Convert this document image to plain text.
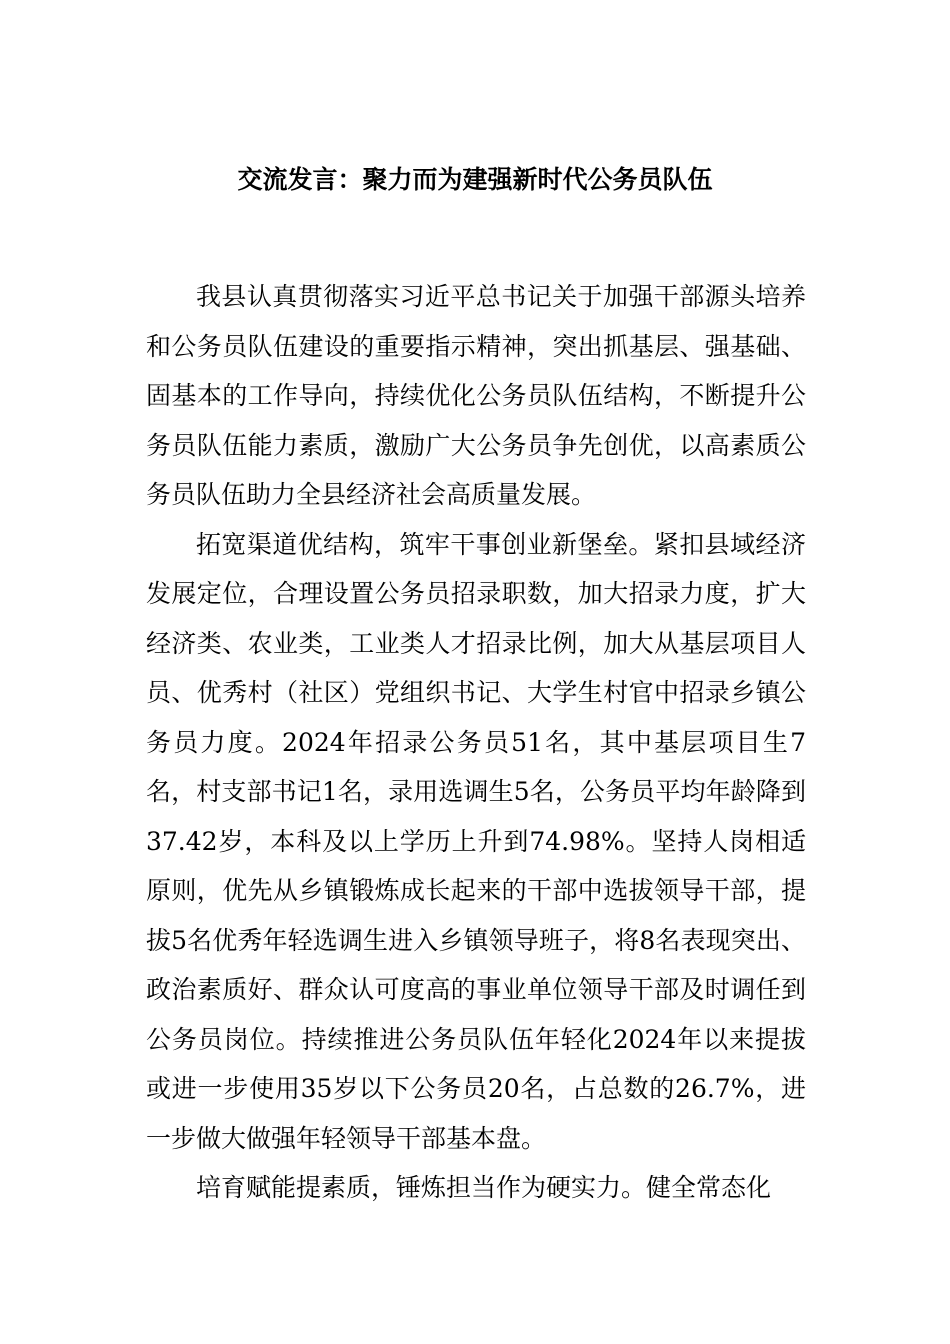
交流发言：聚力而为建强新时代公务员队伍

我县认真贯彻落实习近平总书记关于加强干部源头培养和公务员队伍建设的重要指示精神，突出抓基层、强基础、固基本的工作导向，持续优化公务员队伍结构，不断提升公务员队伍能力素质，激励广大公务员争先创优，以高素质公务员队伍助力全县经济社会高质量发展。

拓宽渠道优结构，筑牢干事创业新堡垒。紧扣县域经济发展定位，合理设置公务员招录职数，加大招录力度，扩大经济类、农业类，工业类人才招录比例，加大从基层项目人员、优秀村（社区）党组织书记、大学生村官中招录乡镇公务员力度。2024年招录公务员51名，其中基层项目生7名，村支部书记1名，录用选调生5名，公务员平均年龄降到37.42岁，本科及以上学历上升到74.98%。坚持人岗相适原则，优先从乡镇锻炼成长起来的干部中选拔领导干部，提拔5名优秀年轻选调生进入乡镇领导班子，将8名表现突出、政治素质好、群众认可度高的事业单位领导干部及时调任到公务员岗位。持续推进公务员队伍年轻化2024年以来提拔或进一步使用35岁以下公务员20名，占总数的26.7%，进一步做大做强年轻领导干部基本盘。

培育赋能提素质，锤炼担当作为硬实力。健全常态化
